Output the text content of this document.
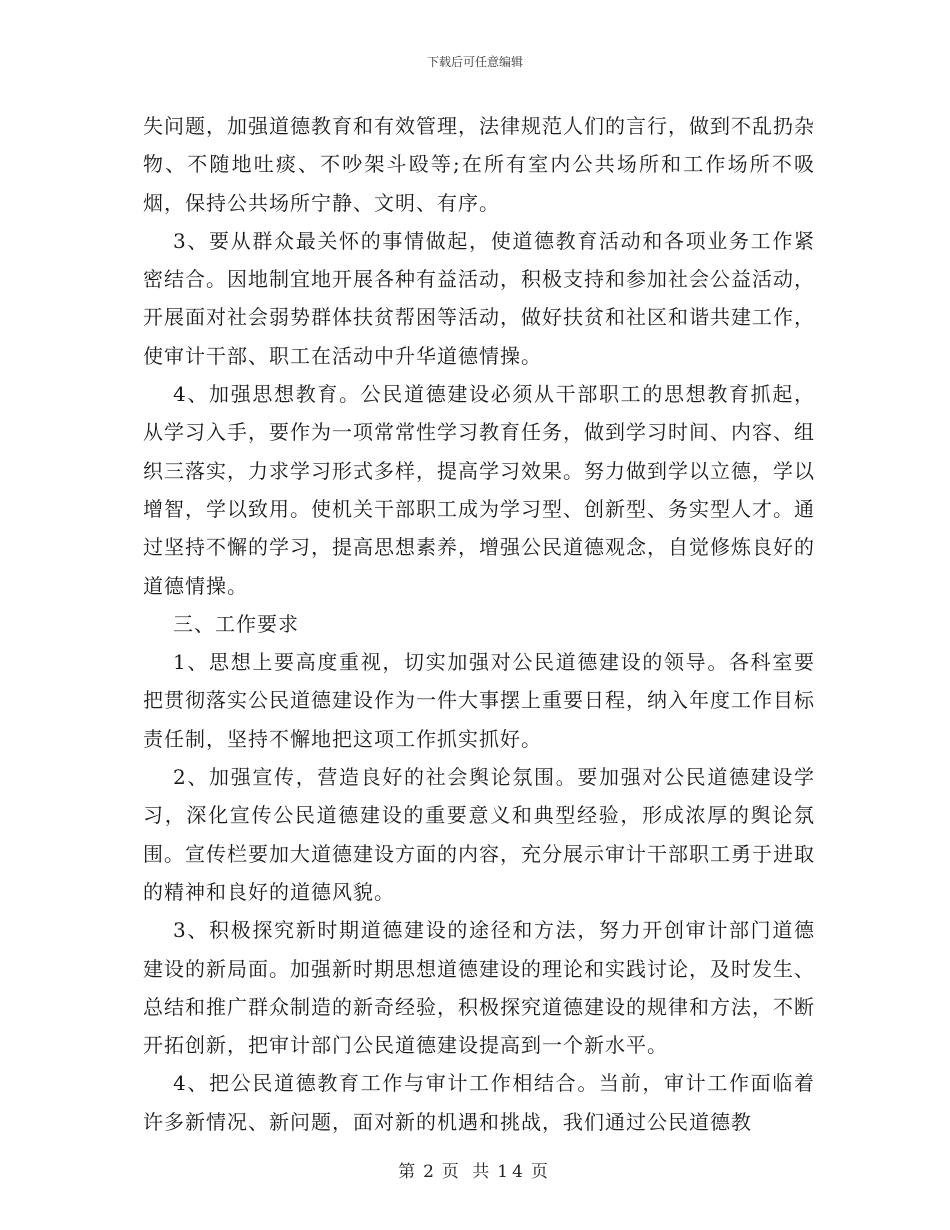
下载后可任意编辑

失问题，加强道德教育和有效管理，法律规范人们的言行，做到不乱扔杂物、不随地吐痰、不吵架斗殴等;在所有室内公共场所和工作场所不吸烟，保持公共场所宁静、文明、有序。

3、要从群众最关怀的事情做起，使道德教育活动和各项业务工作紧密结合。因地制宜地开展各种有益活动，积极支持和参加社会公益活动，开展面对社会弱势群体扶贫帮困等活动，做好扶贫和社区和谐共建工作，使审计干部、职工在活动中升华道德情操。

4、加强思想教育。公民道德建设必须从干部职工的思想教育抓起，从学习入手，要作为一项常常性学习教育任务，做到学习时间、内容、组织三落实，力求学习形式多样，提高学习效果。努力做到学以立德，学以增智，学以致用。使机关干部职工成为学习型、创新型、务实型人才。通过坚持不懈的学习，提高思想素养，增强公民道德观念，自觉修炼良好的道德情操。

三、工作要求

1、思想上要高度重视，切实加强对公民道德建设的领导。各科室要把贯彻落实公民道德建设作为一件大事摆上重要日程，纳入年度工作目标责任制，坚持不懈地把这项工作抓实抓好。

2、加强宣传，营造良好的社会舆论氛围。要加强对公民道德建设学习，深化宣传公民道德建设的重要意义和典型经验，形成浓厚的舆论氛围。宣传栏要加大道德建设方面的内容，充分展示审计干部职工勇于进取的精神和良好的道德风貌。

3、积极探究新时期道德建设的途径和方法，努力开创审计部门道德建设的新局面。加强新时期思想道德建设的理论和实践讨论，及时发生、总结和推广群众制造的新奇经验，积极探究道德建设的规律和方法，不断开拓创新，把审计部门公民道德建设提高到一个新水平。

4、把公民道德教育工作与审计工作相结合。当前，审计工作面临着许多新情况、新问题，面对新的机遇和挑战，我们通过公民道德教

第 2 页 共 14 页
